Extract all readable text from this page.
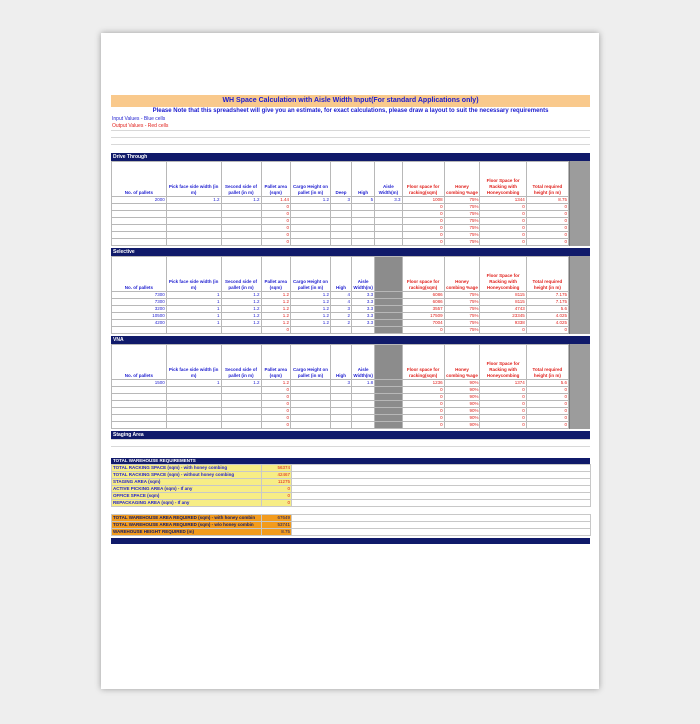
WH Space Calculation with Aisle Width Input(For standard Applications only)
Please Note that this spreadsheet will give you an estimate, for exact calculations, please draw a layout to suit the necessary requirements
Input Values - Blue cells
Output Values - Red cells
Drive Through
No. of pallets	Pick face side width (in m)	Second side of pallet (in m)	Pallet area (sqm)	Cargo Height on pallet (in m)	Deep	High	Aisle Width(m)	Floor space for racking(sqm)	Honey combing %age	Floor Space for Racking with Honeycombing	Total required height (in m)
2000	1.2	1.2	1.44	1.2	3	5	3.3	1008	75%	1344	8.75
			0					0	75%	0	0
			0					0	75%	0	0
			0					0	75%	0	0
			0					0	75%	0	0
			0					0	75%	0	0
			0					0	75%	0	0
Selective
No. of pallets	Pick face side width (in m)	Second side of pallet (in m)	Pallet area (sqm)	Cargo Height on pallet (in m)	High	Aisle Width(m)		Floor space for racking(sqm)	Honey combing %age	Floor Space for Racking with Honeycombing	Total required height (in m)
7300	1	1.2	1.2	1.2	4	3.3		6086	75%	8115	7.175
7300	1	1.2	1.2	1.2	4	3.3		6086	75%	8115	7.175
3200	1	1.2	1.2	1.2	3	3.3		3557	75%	4743	5.6
10500	1	1.2	1.2	1.2	2	3.3		17509	75%	23345	4.025
4200	1	1.2	1.2	1.2	2	3.3		7004	75%	9338	4.025
			0					0	75%	0	0
VNA
No. of pallets	Pick face side width (in m)	Second side of pallet (in m)	Pallet area (sqm)	Cargo Height on pallet (in m)	High	Aisle Width(m)		Floor space for racking(sqm)	Honey combing %age	Floor Space for Racking with Honeycombing	Total required height (in m)
1500	1	1.2	1.2		3	1.8		1236	90%	1374	5.6
			0					0	90%	0	0
			0					0	90%	0	0
			0					0	90%	0	0
			0					0	90%	0	0
			0					0	90%	0	0
			0					0	90%	0	0
Staging Area
TOTAL WAREHOUSE REQUIREMENTS
TOTAL RACKING SPACE (sqm) - with honey combing	56374	
TOTAL RACKING SPACE (sqm) - without honey combing	42467	
STAGING AREA (sqm)	11275	
ACTIVE PICKING AREA (sqm) - If any	0	
OFFICE SPACE (sqm)	0	
REPACKAGING AREA (sqm) - If any	0	
TOTAL WAREHOUSE AREA REQUIRED (sqm) - with honey combin	67649	
TOTAL WAREHOUSE AREA REQUIRED (sqm) - w/o honey combin	53741	
WAREHOUSE HEIGHT REQUIRED (m)	8.75	
